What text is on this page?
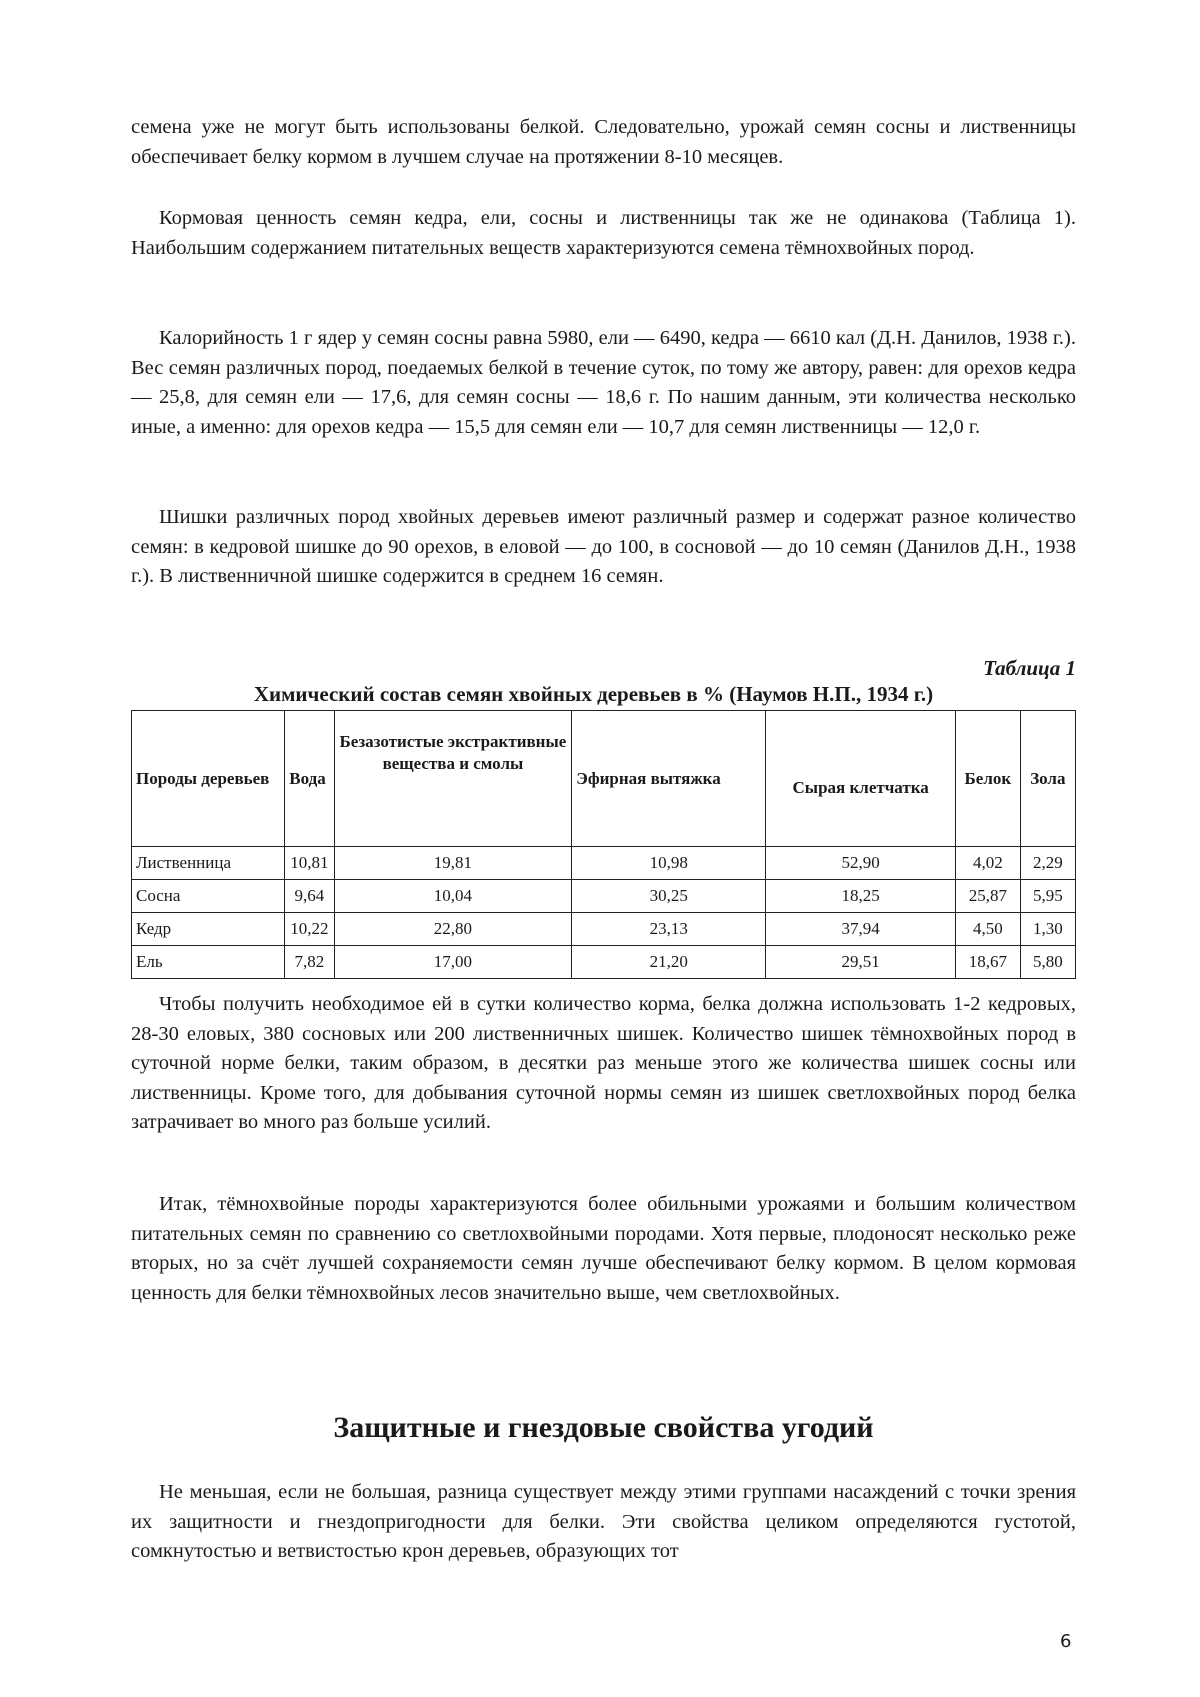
семена уже не могут быть использованы белкой. Следовательно, урожай семян сосны и лиственницы обеспечивает белку кормом в лучшем случае на протяжении 8-10 месяцев.

Кормовая ценность семян кедра, ели, сосны и лиственницы так же не одинакова (Таблица 1). Наибольшим содержанием питательных веществ характеризуются семена тёмнохвойных пород.

Калорийность 1 г ядер у семян сосны равна 5980, ели — 6490, кедра — 6610 кал (Д.Н. Данилов, 1938 г.). Вес семян различных пород, поедаемых белкой в течение суток, по тому же автору, равен: для орехов кедра — 25,8, для семян ели — 17,6, для семян сосны — 18,6 г. По нашим данным, эти количества несколько иные, а именно: для орехов кедра — 15,5 для семян ели — 10,7 для семян лиственницы — 12,0 г.

Шишки различных пород хвойных деревьев имеют различный размер и содержат разное количество семян: в кедровой шишке до 90 орехов, в еловой — до 100, в сосновой — до 10 семян (Данилов Д.Н., 1938 г.). В лиственничной шишке содержится в среднем 16 семян.

Таблица 1
Химический состав семян хвойных деревьев в % (Наумов Н.П., 1934 г.)
Породы деревьев	Вода	Безазотистые экстрактивные вещества и смолы	Эфирная вытяжка	Сырая клетчатка	Белок	Зола
Лиственница	10,81	19,81	10,98	52,90	4,02	2,29
Сосна	9,64	10,04	30,25	18,25	25,87	5,95
Кедр	10,22	22,80	23,13	37,94	4,50	1,30
Ель	7,82	17,00	21,20	29,51	18,67	5,80

Чтобы получить необходимое ей в сутки количество корма, белка должна использовать 1-2 кедровых, 28-30 еловых, 380 сосновых или 200 лиственничных шишек. Количество шишек тёмнохвойных пород в суточной норме белки, таким образом, в десятки раз меньше этого же количества шишек сосны или лиственницы. Кроме того, для добывания суточной нормы семян из шишек светлохвойных пород белка затрачивает во много раз больше усилий.

Итак, тёмнохвойные породы характеризуются более обильными урожаями и большим количеством питательных семян по сравнению со светлохвойными породами. Хотя первые, плодоносят несколько реже вторых, но за счёт лучшей сохраняемости семян лучше обеспечивают белку кормом. В целом кормовая ценность для белки тёмнохвойных лесов значительно выше, чем светлохвойных.

Защитные и гнездовые свойства угодий

Не меньшая, если не большая, разница существует между этими группами насаждений с точки зрения их защитности и гнездопригодности для белки. Эти свойства целиком определяются густотой, сомкнутостью и ветвистостью крон деревьев, образующих тот

6
